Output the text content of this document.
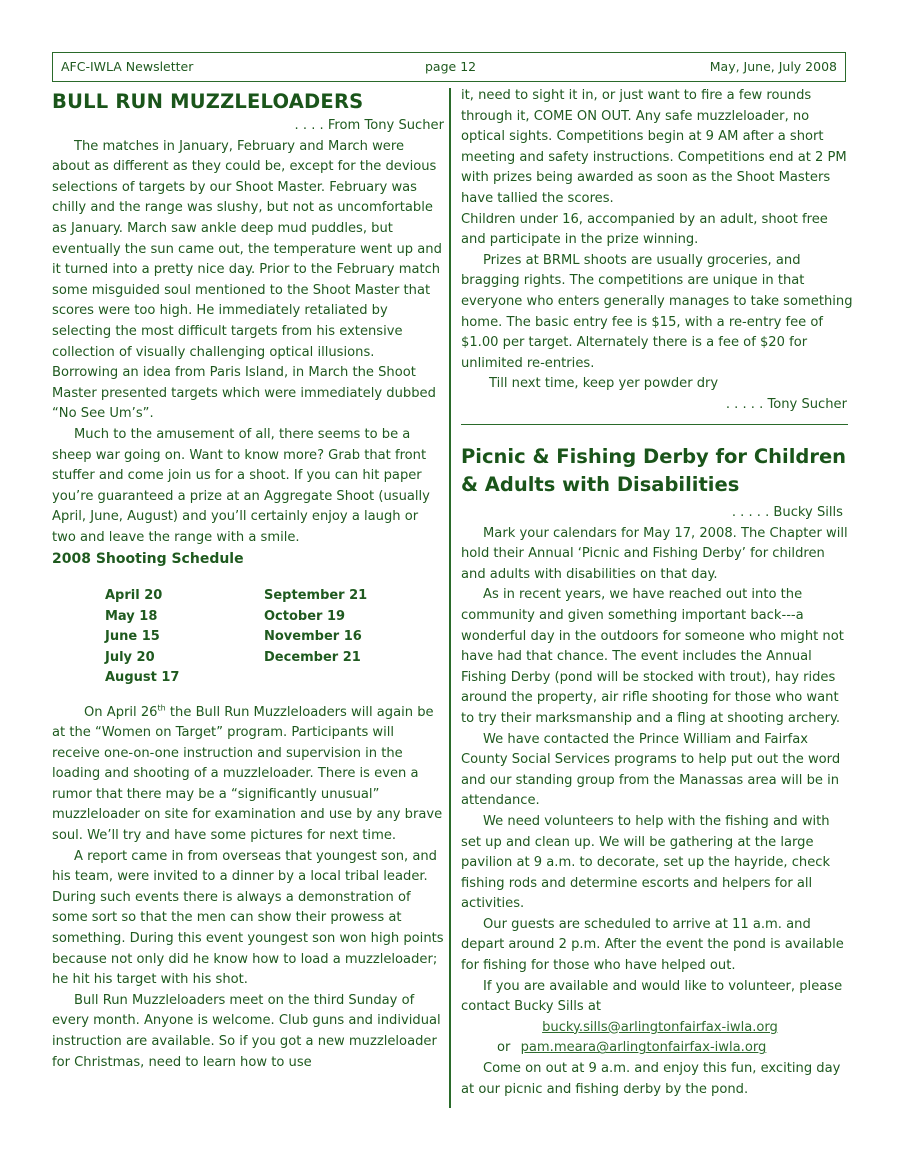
AFC-IWLA Newsletter	page 12	May, June, July 2008
BULL RUN MUZZLELOADERS

. . . . From Tony Sucher

The matches in January, February and March were about as different as they could be, except for the devious selections of targets by our Shoot Master. February was chilly and the range was slushy, but not as uncomfortable as January. March saw ankle deep mud puddles, but eventually the sun came out, the temperature went up and it turned into a pretty nice day. Prior to the February match some misguided soul mentioned to the Shoot Master that scores were too high. He immediately retaliated by selecting the most difficult targets from his extensive collection of visually challenging optical illusions. Borrowing an idea from Paris Island, in March the Shoot Master presented targets which were immediately dubbed “No See Um’s”.

Much to the amusement of all, there seems to be a sheep war going on. Want to know more? Grab that front stuffer and come join us for a shoot. If you can hit paper you’re guaranteed a prize at an Aggregate Shoot (usually April, June, August) and you’ll certainly enjoy a laugh or two and leave the range with a smile.

2008 Shooting Schedule

April 20	September 21
May 18	October 19
June 15	November 16
July 20	December 21
August 17

On April 26th the Bull Run Muzzleloaders will again be at the “Women on Target” program. Participants will receive one-on-one instruction and supervision in the loading and shooting of a muzzleloader. There is even a rumor that there may be a “significantly unusual” muzzleloader on site for examination and use by any brave soul. We’ll try and have some pictures for next time.

A report came in from overseas that youngest son, and his team, were invited to a dinner by a local tribal leader. During such events there is always a demonstration of some sort so that the men can show their prowess at something. During this event youngest son won high points because not only did he know how to load a muzzleloader; he hit his target with his shot.

Bull Run Muzzleloaders meet on the third Sunday of every month. Anyone is welcome. Club guns and individual instruction are available. So if you got a new muzzleloader for Christmas, need to learn how to use

it, need to sight it in, or just want to fire a few rounds through it, COME ON OUT. Any safe muzzleloader, no optical sights. Competitions begin at 9 AM after a short meeting and safety instructions. Competitions end at 2 PM with prizes being awarded as soon as the Shoot Masters have tallied the scores.

Children under 16, accompanied by an adult, shoot free and participate in the prize winning.

Prizes at BRML shoots are usually groceries, and bragging rights. The competitions are unique in that everyone who enters generally manages to take something home. The basic entry fee is $15, with a re-entry fee of $1.00 per target. Alternately there is a fee of $20 for unlimited re-entries.

Till next time, keep yer powder dry

. . . . . Tony Sucher

Picnic & Fishing Derby for Children & Adults with Disabilities

. . . . . Bucky Sills

Mark your calendars for May 17, 2008. The Chapter will hold their Annual ‘Picnic and Fishing Derby’ for children and adults with disabilities on that day.

As in recent years, we have reached out into the community and given something important back---a wonderful day in the outdoors for someone who might not have had that chance. The event includes the Annual Fishing Derby (pond will be stocked with trout), hay rides around the property, air rifle shooting for those who want to try their marksmanship and a fling at shooting archery.

We have contacted the Prince William and Fairfax County Social Services programs to help put out the word and our standing group from the Manassas area will be in attendance.

We need volunteers to help with the fishing and with set up and clean up. We will be gathering at the large pavilion at 9 a.m. to decorate, set up the hayride, check fishing rods and determine escorts and helpers for all activities.

Our guests are scheduled to arrive at 11 a.m. and depart around 2 p.m. After the event the pond is available for fishing for those who have helped out.

If you are available and would like to volunteer, please contact Bucky Sills at

bucky.sills@arlingtonfairfax-iwla.org

or pam.meara@arlingtonfairfax-iwla.org

Come on out at 9 a.m. and enjoy this fun, exciting day at our picnic and fishing derby by the pond.
